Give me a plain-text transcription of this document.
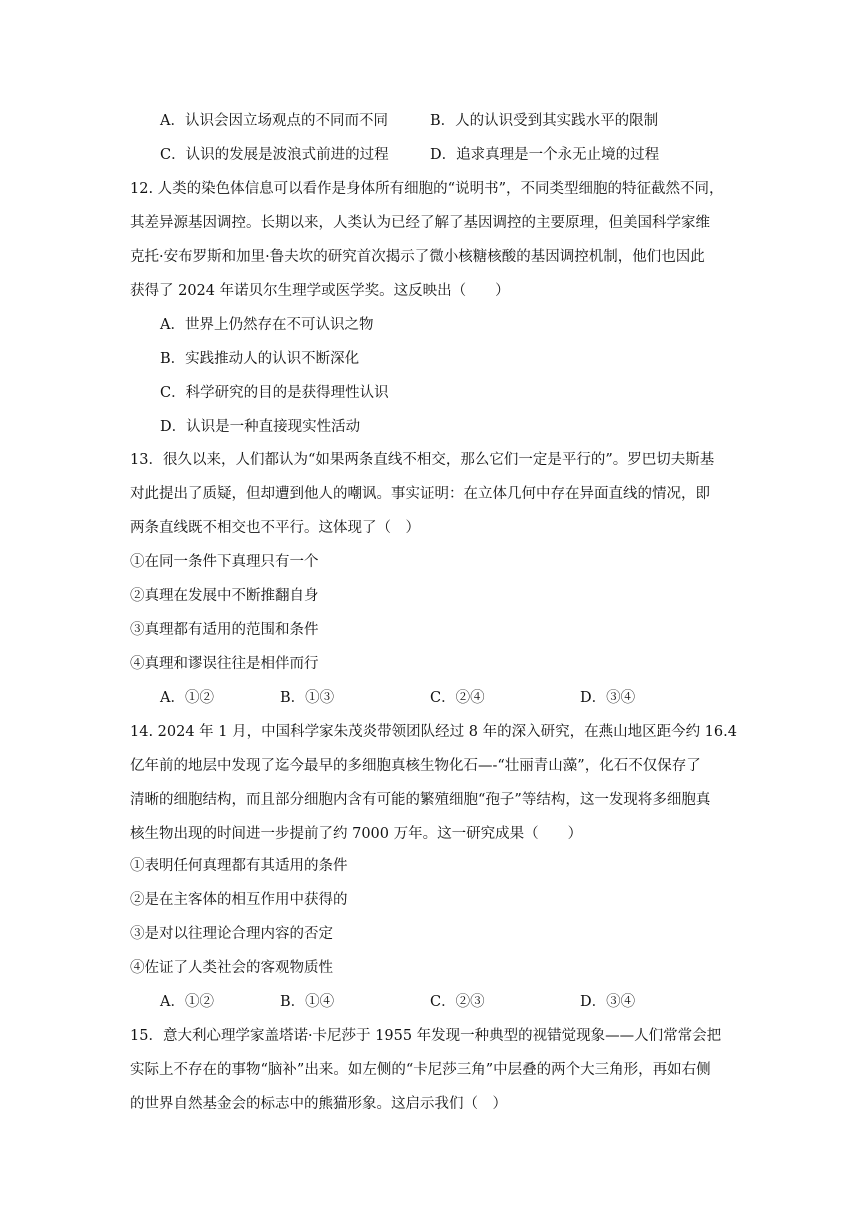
A．认识会因立场观点的不同而不同	B．人的认识受到其实践水平的限制
C．认识的发展是波浪式前进的过程	D．追求真理是一个永无止境的过程
12. 人类的染色体信息可以看作是身体所有细胞的“说明书”，不同类型细胞的特征截然不同，
其差异源基因调控。长期以来，人类认为已经了解了基因调控的主要原理，但美国科学家维
克托·安布罗斯和加里·鲁夫坎的研究首次揭示了微小核糖核酸的基因调控机制，他们也因此
获得了 2024 年诺贝尔生理学或医学奖。这反映出（　　）
A．世界上仍然存在不可认识之物
B．实践推动人的认识不断深化
C．科学研究的目的是获得理性认识
D．认识是一种直接现实性活动
13．很久以来，人们都认为“如果两条直线不相交，那么它们一定是平行的”。罗巴切夫斯基
对此提出了质疑，但却遭到他人的嘲讽。事实证明：在立体几何中存在异面直线的情况，即
两条直线既不相交也不平行。这体现了（　）
①在同一条件下真理只有一个
②真理在发展中不断推翻自身
③真理都有适用的范围和条件
④真理和谬误往往是相伴而行
A．①②	B．①③	C．②④	D．③④
14. 2024 年 1 月，中国科学家朱茂炎带领团队经过 8 年的深入研究，在燕山地区距今约 16.4
亿年前的地层中发现了迄今最早的多细胞真核生物化石—-“壮丽青山藻”，化石不仅保存了
清晰的细胞结构，而且部分细胞内含有可能的繁殖细胞“孢子”等结构，这一发现将多细胞真
核生物出现的时间进一步提前了约 7000 万年。这一研究成果（　　）
①表明任何真理都有其适用的条件
②是在主客体的相互作用中获得的
③是对以往理论合理内容的否定
④佐证了人类社会的客观物质性
A．①②	B．①④	C．②③	D．③④
15．意大利心理学家盖塔诺·卡尼莎于 1955 年发现一种典型的视错觉现象——人们常常会把
实际上不存在的事物“脑补”出来。如左侧的“卡尼莎三角”中层叠的两个大三角形，再如右侧
的世界自然基金会的标志中的熊猫形象。这启示我们（　）
